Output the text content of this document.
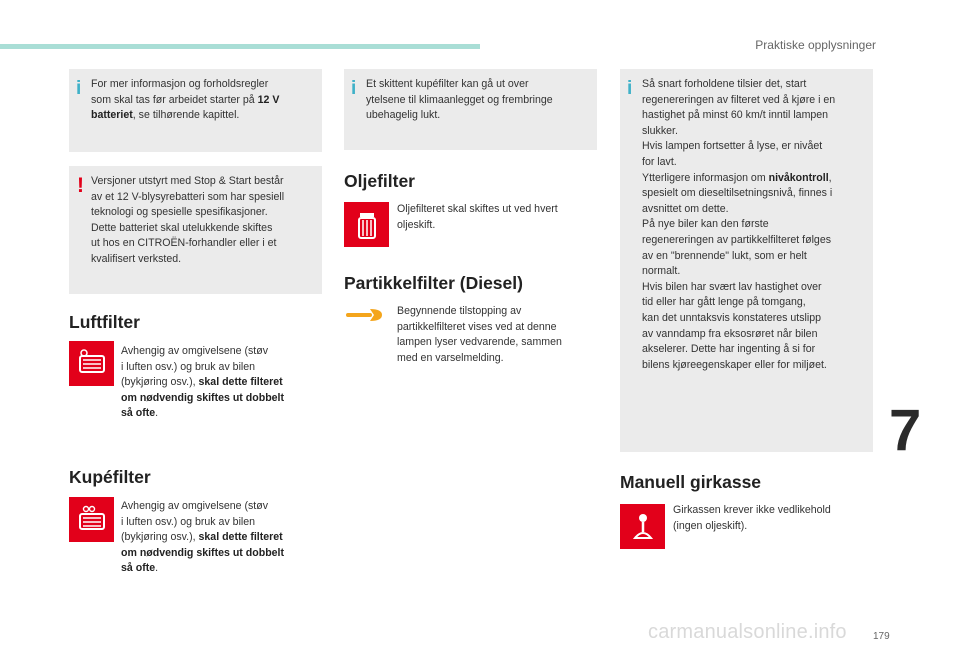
Praktiske opplysninger
i For mer informasjon og forholdsregler
som skal tas før arbeidet starter på 12 V
batteriet, se tilhørende kapittel.
! Versjoner utstyrt med Stop & Start består
av et 12 V-blysyrebatteri som har spesiell
teknologi og spesielle spesifikasjoner.
Dette batteriet skal utelukkende skiftes
ut hos en CITROËN-forhandler eller i et
kvalifisert verksted.
Luftfilter
Avhengig av omgivelsene (støv
i luften osv.) og bruk av bilen
(bykjøring osv.), skal dette filteret
om nødvendig skiftes ut dobbelt
så ofte.
Kupéfilter
Avhengig av omgivelsene (støv
i luften osv.) og bruk av bilen
(bykjøring osv.), skal dette filteret
om nødvendig skiftes ut dobbelt
så ofte.
i Et skittent kupéfilter kan gå ut over
ytelsene til klimaanlegget og frembringe
ubehagelig lukt.
Oljefilter
Oljefilteret skal skiftes ut ved hvert
oljeskift.
Partikkelfilter (Diesel)
Begynnende tilstopping av
partikkelfilteret vises ved at denne
lampen lyser vedvarende, sammen
med en varselmelding.
i Så snart forholdene tilsier det, start
regenereringen av filteret ved å kjøre i en
hastighet på minst 60 km/t inntil lampen
slukker.
Hvis lampen fortsetter å lyse, er nivået
for lavt.
Ytterligere informasjon om nivåkontroll,
spesielt om dieseltilsetningsnivå, finnes i
avsnittet om dette.
På nye biler kan den første
regenereringen av partikkelfilteret følges
av en "brennende" lukt, som er helt
normalt.
Hvis bilen har svært lav hastighet over
tid eller har gått lenge på tomgang,
kan det unntaksvis konstateres utslipp
av vanndamp fra eksosrøret når bilen
akselerer. Dette har ingenting å si for
bilens kjøreegenskaper eller for miljøet.
Manuell girkasse
Girkassen krever ikke vedlikehold
(ingen oljeskift).
7
carmanualsonline.info	179
